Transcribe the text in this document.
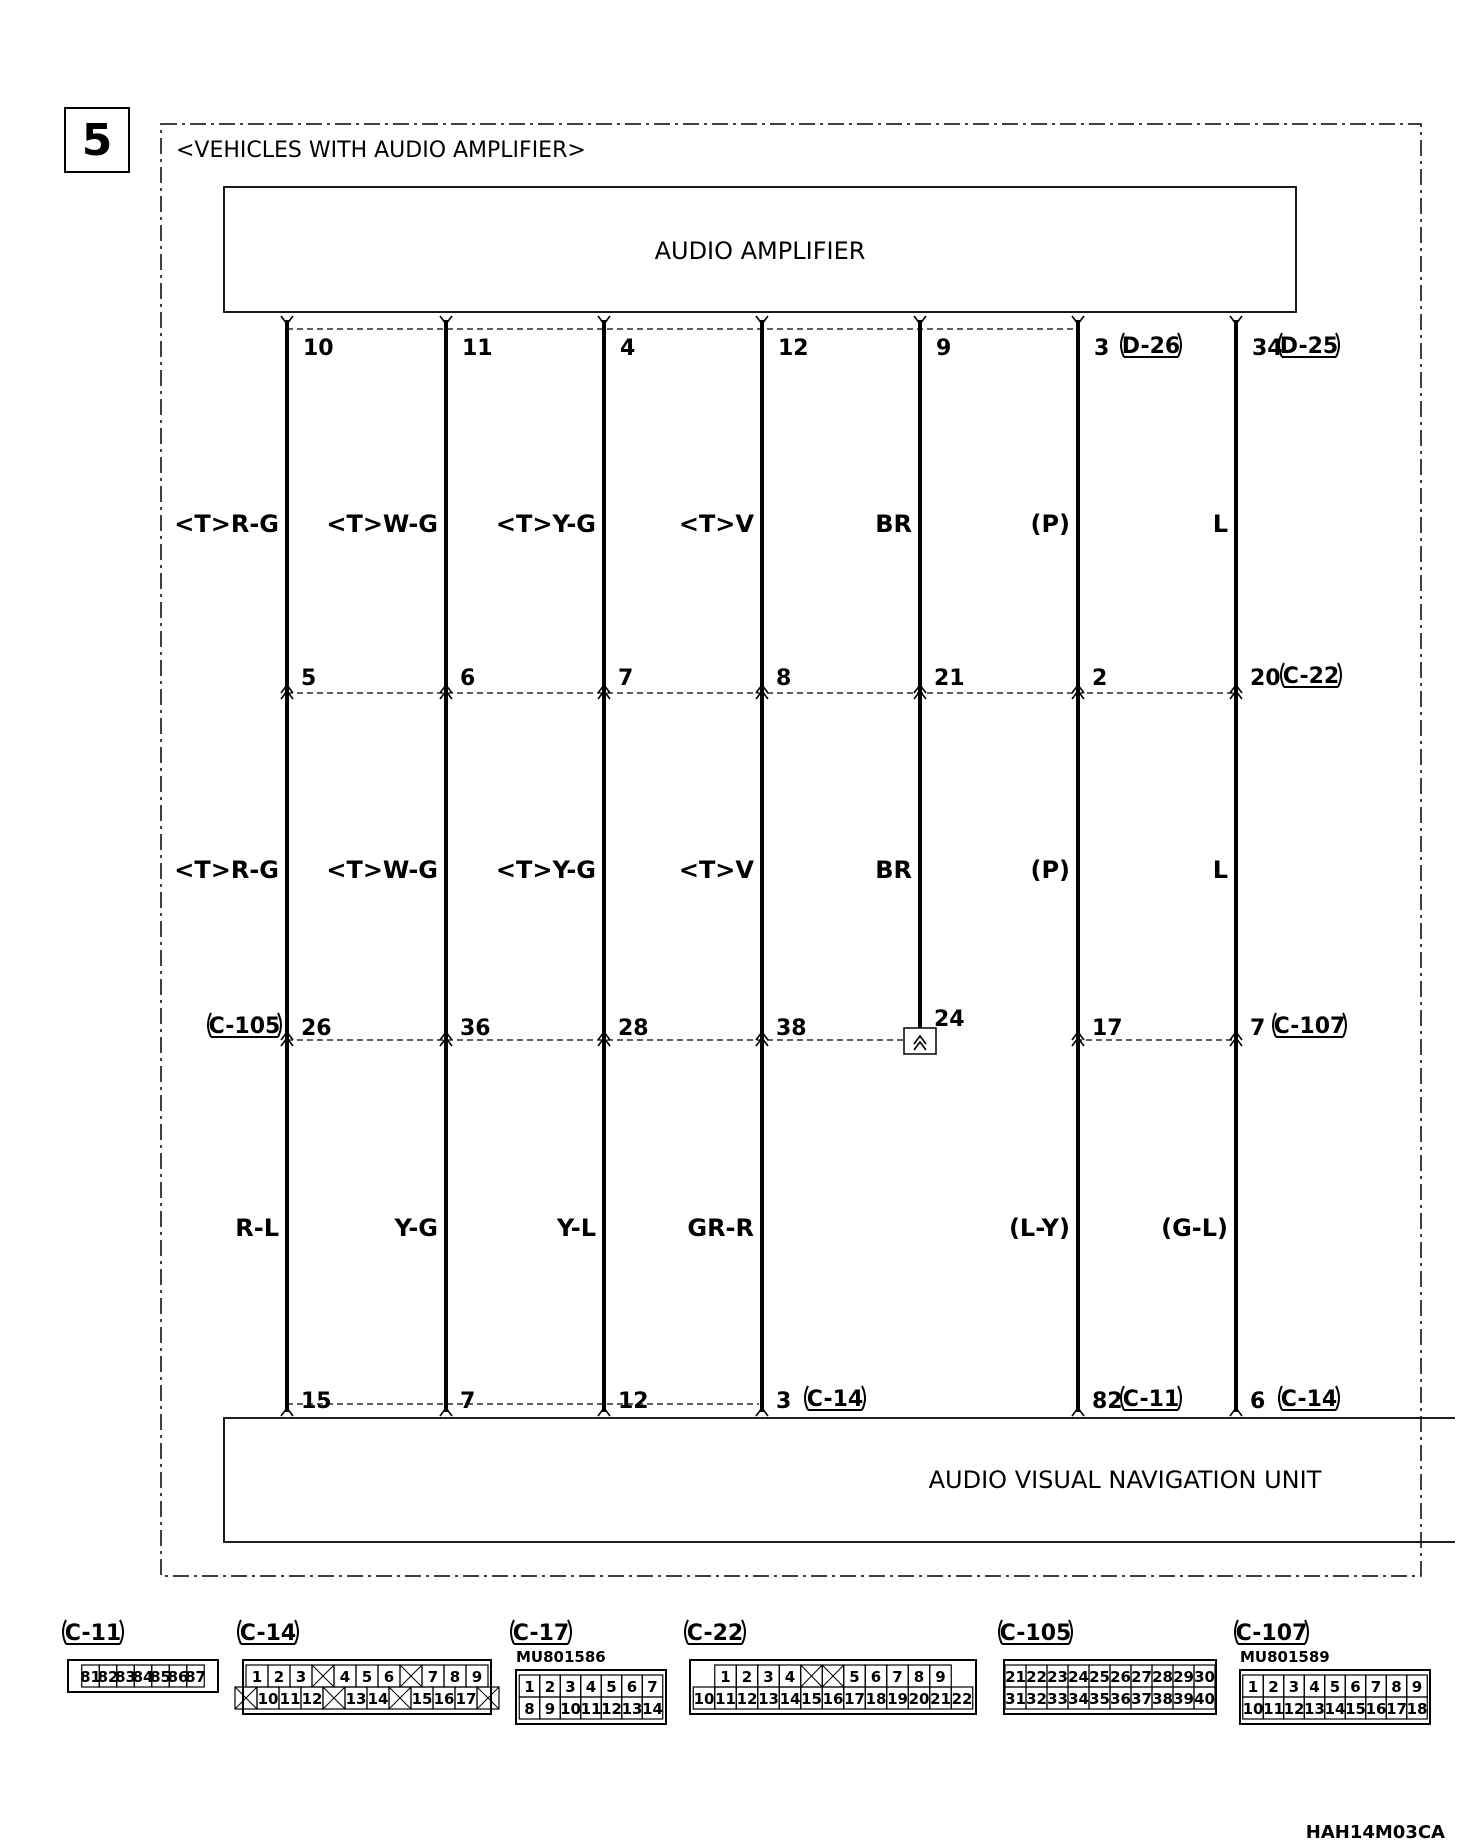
5	<VEHICLES WITH AUDIO AMPLIFIER>
AUDIO AMPLIFIER
AUDIO VISUAL NAVIGATION UNIT
10
<T>R-G
5
<T>R-G
26
C-105
R-L
15
11
<T>W-G
6
<T>W-G
36
Y-G
7
4
<T>Y-G
7
<T>Y-G
28
Y-L
12
12
<T>V
8
<T>V
38
GR-R
3 C-14
9
BR
21
BR
24
3 D-26
(P)
2
(P)
17
(L-Y)
82 C-11
34
D-25
L
20 C-22
L
7 C-107
(G-L)
6 C-14
C-11
81
82
83
84
85
86
87
C-14
1 2 3 4 5 6 7 8 9
10 11 12 13 14 15 16 17
C-17
MU801586
1 2 3 4 5 6 7
8 9 10 11 12 13 14
C-22
1 2 3 4	5 6 7 8 9
10 11 12 13 14 15 16 17 18 19 20 21 22
C-105
21 22 23 24 25 26 27 28 29 30
31 32 33 34 35 36 37 38 39 40
C-107
MU801589
1 2 3 4 5 6 7 8 9
10 11 12 13 14 15 16 17 18
HAH14M03CA
